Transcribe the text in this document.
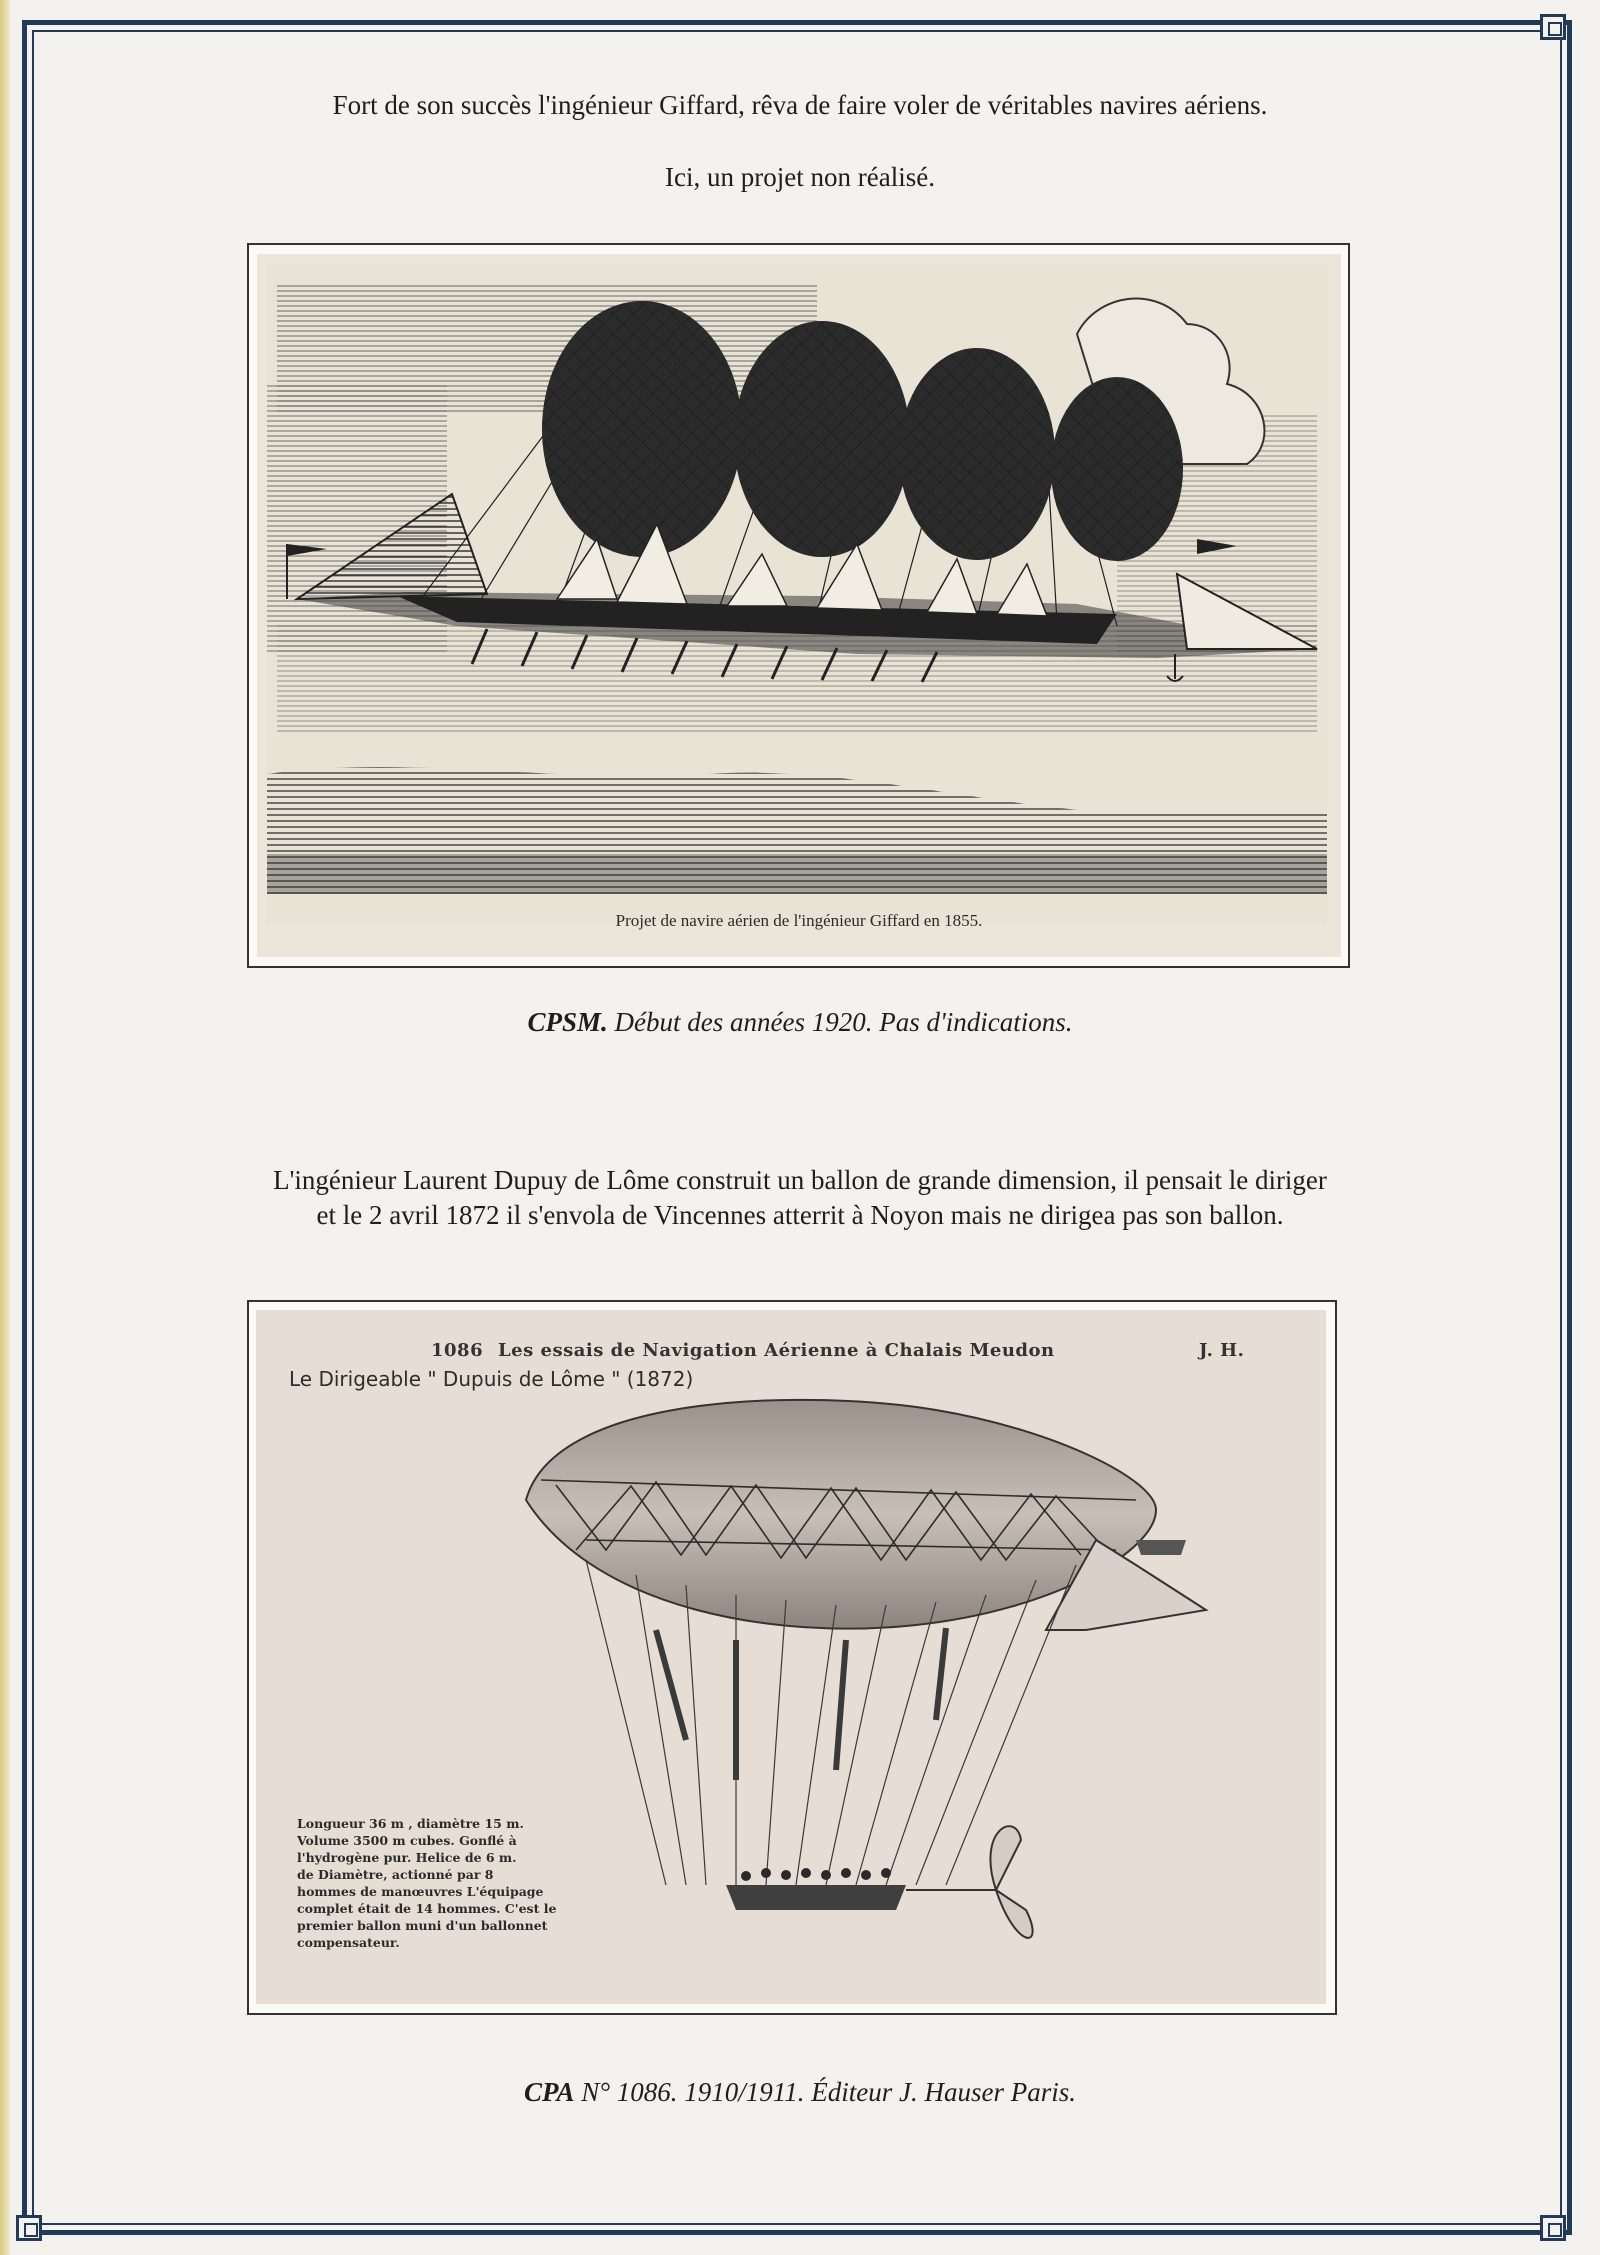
Fort de son succès l'ingénieur Giffard, rêva de faire voler de véritables navires aériens.
Ici, un projet non réalisé.
Projet de navire aérien de l'ingénieur Giffard en 1855.
CPSM. Début des années 1920. Pas d'indications.
L'ingénieur Laurent Dupuy de Lôme construit un ballon de grande dimension, il pensait le diriger
et le 2 avril 1872 il s'envola de Vincennes atterrit à Noyon mais ne dirigea pas son ballon.
1086 Les essais de Navigation Aérienne à Chalais Meudon	J. H.
Le Dirigeable " Dupuis de Lôme " (1872)
Longueur 36 m , diamètre 15 m.
Volume 3500 m cubes. Gonflé à
l'hydrogène pur. Helice de 6 m.
de Diamètre, actionné par 8
hommes de manœuvres L'équipage
complet était de 14 hommes. C'est le
premier ballon muni d'un ballonnet
compensateur.
CPA N° 1086. 1910/1911. Éditeur J. Hauser Paris.
